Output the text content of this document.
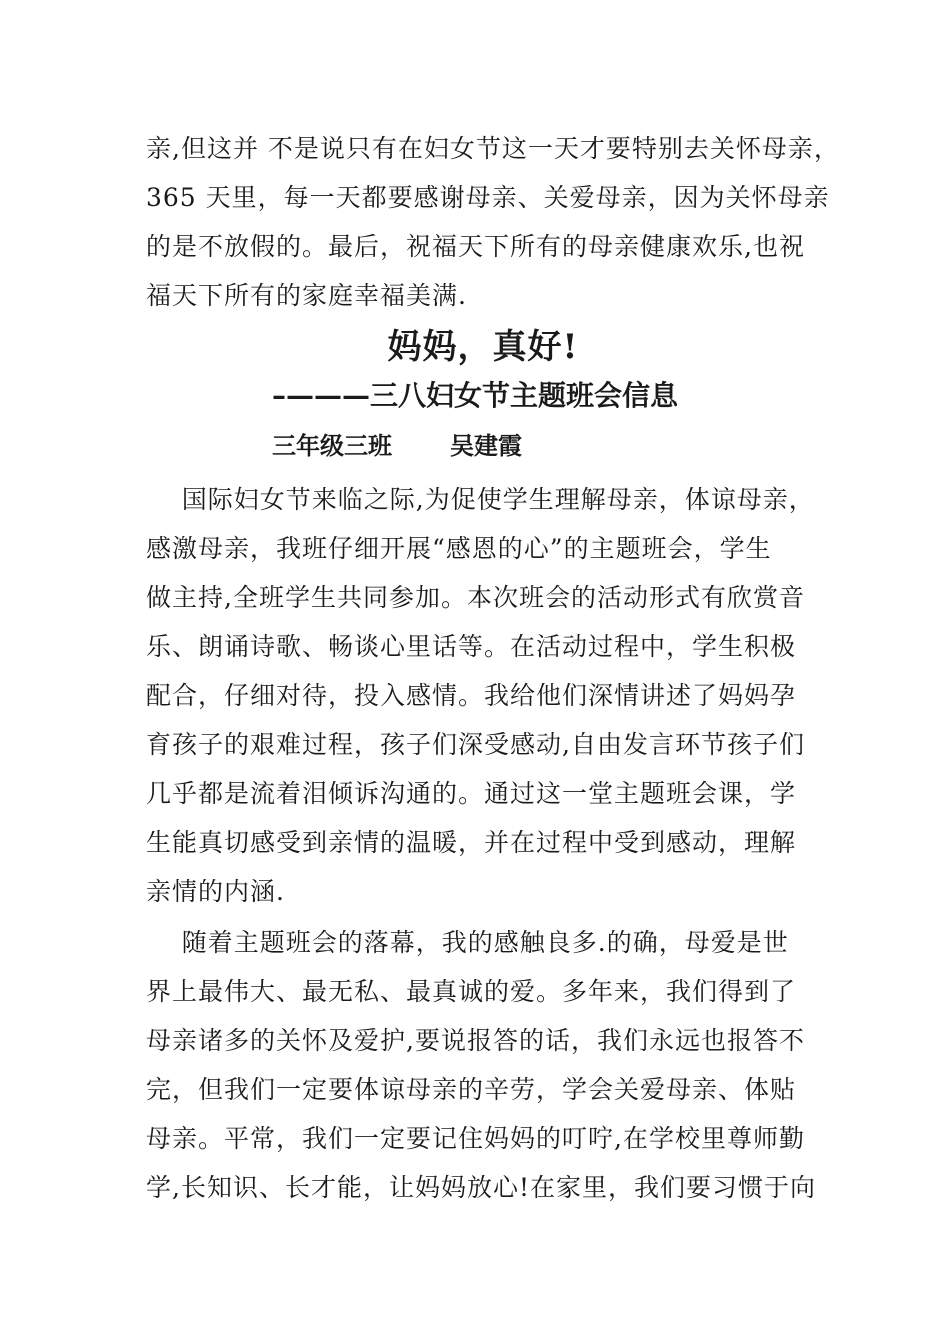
亲,但这并 不是说只有在妇女节这一天才要特别去关怀母亲，
365 天里，每一天都要感谢母亲、关爱母亲，因为关怀母亲
的是不放假的。最后，祝福天下所有的母亲健康欢乐,也祝
福天下所有的家庭幸福美满.
妈妈，真好!
–———三八妇女节主题班会信息
三年级三班 吴建霞
国际妇女节来临之际,为促使学生理解母亲，体谅母亲，
感激母亲，我班仔细开展“感恩的心”的主题班会，学生
做主持,全班学生共同参加。本次班会的活动形式有欣赏音
乐、朗诵诗歌、畅谈心里话等。在活动过程中，学生积极
配合，仔细对待，投入感情。我给他们深情讲述了妈妈孕
育孩子的艰难过程，孩子们深受感动,自由发言环节孩子们
几乎都是流着泪倾诉沟通的。通过这一堂主题班会课，学
生能真切感受到亲情的温暖，并在过程中受到感动，理解
亲情的内涵.
随着主题班会的落幕，我的感触良多.的确，母爱是世
界上最伟大、最无私、最真诚的爱。多年来，我们得到了
母亲诸多的关怀及爱护,要说报答的话，我们永远也报答不
完，但我们一定要体谅母亲的辛劳，学会关爱母亲、体贴
母亲。平常，我们一定要记住妈妈的叮咛,在学校里尊师勤
学,长知识、长才能，让妈妈放心!在家里，我们要习惯于向
